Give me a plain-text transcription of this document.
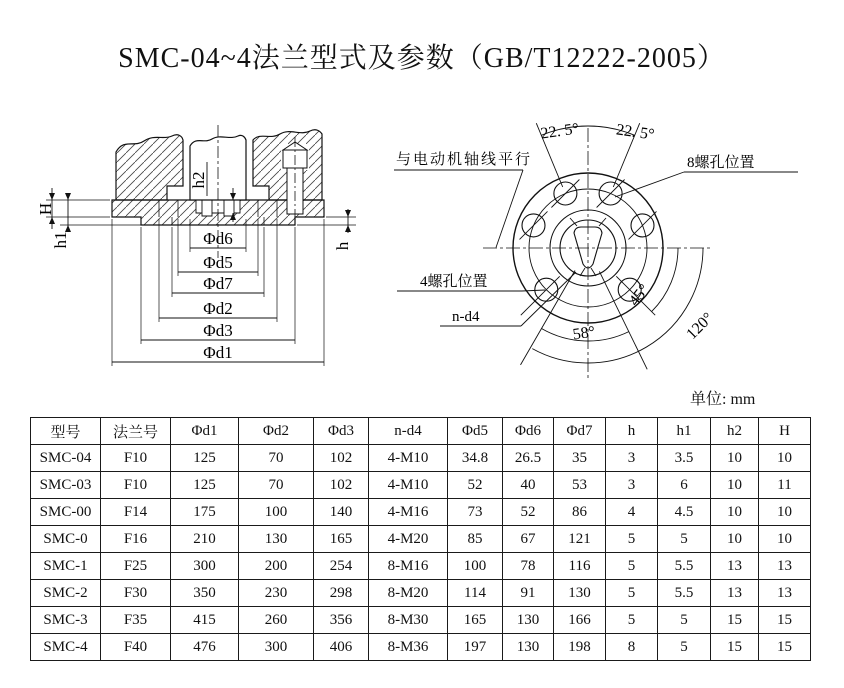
SMC-04~4法兰型式及参数（GB/T12222-2005）
H
h1	h
h2
Φd6
Φd5
Φd7
Φd2
Φd3
Φd1
22. 5° 22. 5°
58°	120°
45°
与电动机轴线平行	8螺孔位置
4螺孔位置
n-d4
单位: mm
型号	法兰号	Φd1	Φd2	Φd3	n-d4	Φd5	Φd6	Φd7	h	h1	h2	H
SMC-04	F10	125	70	102	4-M10	34.8	26.5	35	3	3.5	10	10
SMC-03	F10	125	70	102	4-M10	52	40	53	3	6	10	11
SMC-00	F14	175	100	140	4-M16	73	52	86	4	4.5	10	10
SMC-0	F16	210	130	165	4-M20	85	67	121	5	5	10	10
SMC-1	F25	300	200	254	8-M16	100	78	116	5	5.5	13	13
SMC-2	F30	350	230	298	8-M20	114	91	130	5	5.5	13	13
SMC-3	F35	415	260	356	8-M30	165	130	166	5	5	15	15
SMC-4	F40	476	300	406	8-M36	197	130	198	8	5	15	15
